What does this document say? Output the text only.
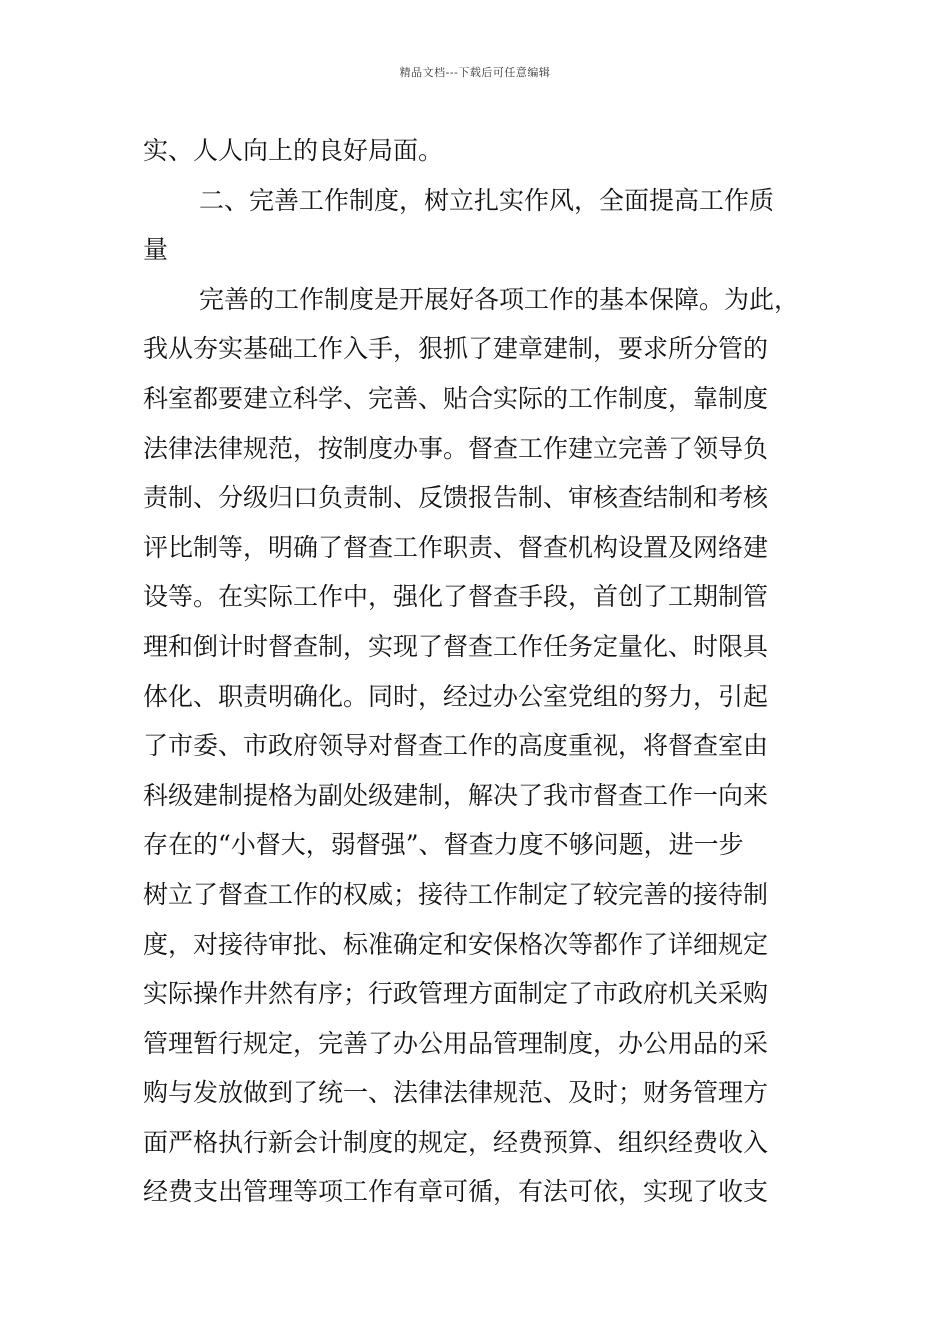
精品文档---下载后可任意编辑
实、人人向上的良好局面。
二、完善工作制度，树立扎实作风，全面提高工作质
量
完善的工作制度是开展好各项工作的基本保障。为此，
我从夯实基础工作入手，狠抓了建章建制，要求所分管的
科室都要建立科学、完善、贴合实际的工作制度，靠制度
法律法律规范，按制度办事。督查工作建立完善了领导负
责制、分级归口负责制、反馈报告制、审核查结制和考核
评比制等，明确了督查工作职责、督查机构设置及网络建
设等。在实际工作中，强化了督查手段，首创了工期制管
理和倒计时督查制，实现了督查工作任务定量化、时限具
体化、职责明确化。同时，经过办公室党组的努力，引起
了市委、市政府领导对督查工作的高度重视，将督查室由
科级建制提格为副处级建制，解决了我市督查工作一向来
存在的“小督大，弱督强”、督查力度不够问题，进一步
树立了督查工作的权威；接待工作制定了较完善的接待制
度，对接待审批、标准确定和安保格次等都作了详细规定
实际操作井然有序；行政管理方面制定了市政府机关采购
管理暂行规定，完善了办公用品管理制度，办公用品的采
购与发放做到了统一、法律法律规范、及时；财务管理方
面严格执行新会计制度的规定，经费预算、组织经费收入
经费支出管理等项工作有章可循，有法可依，实现了收支
